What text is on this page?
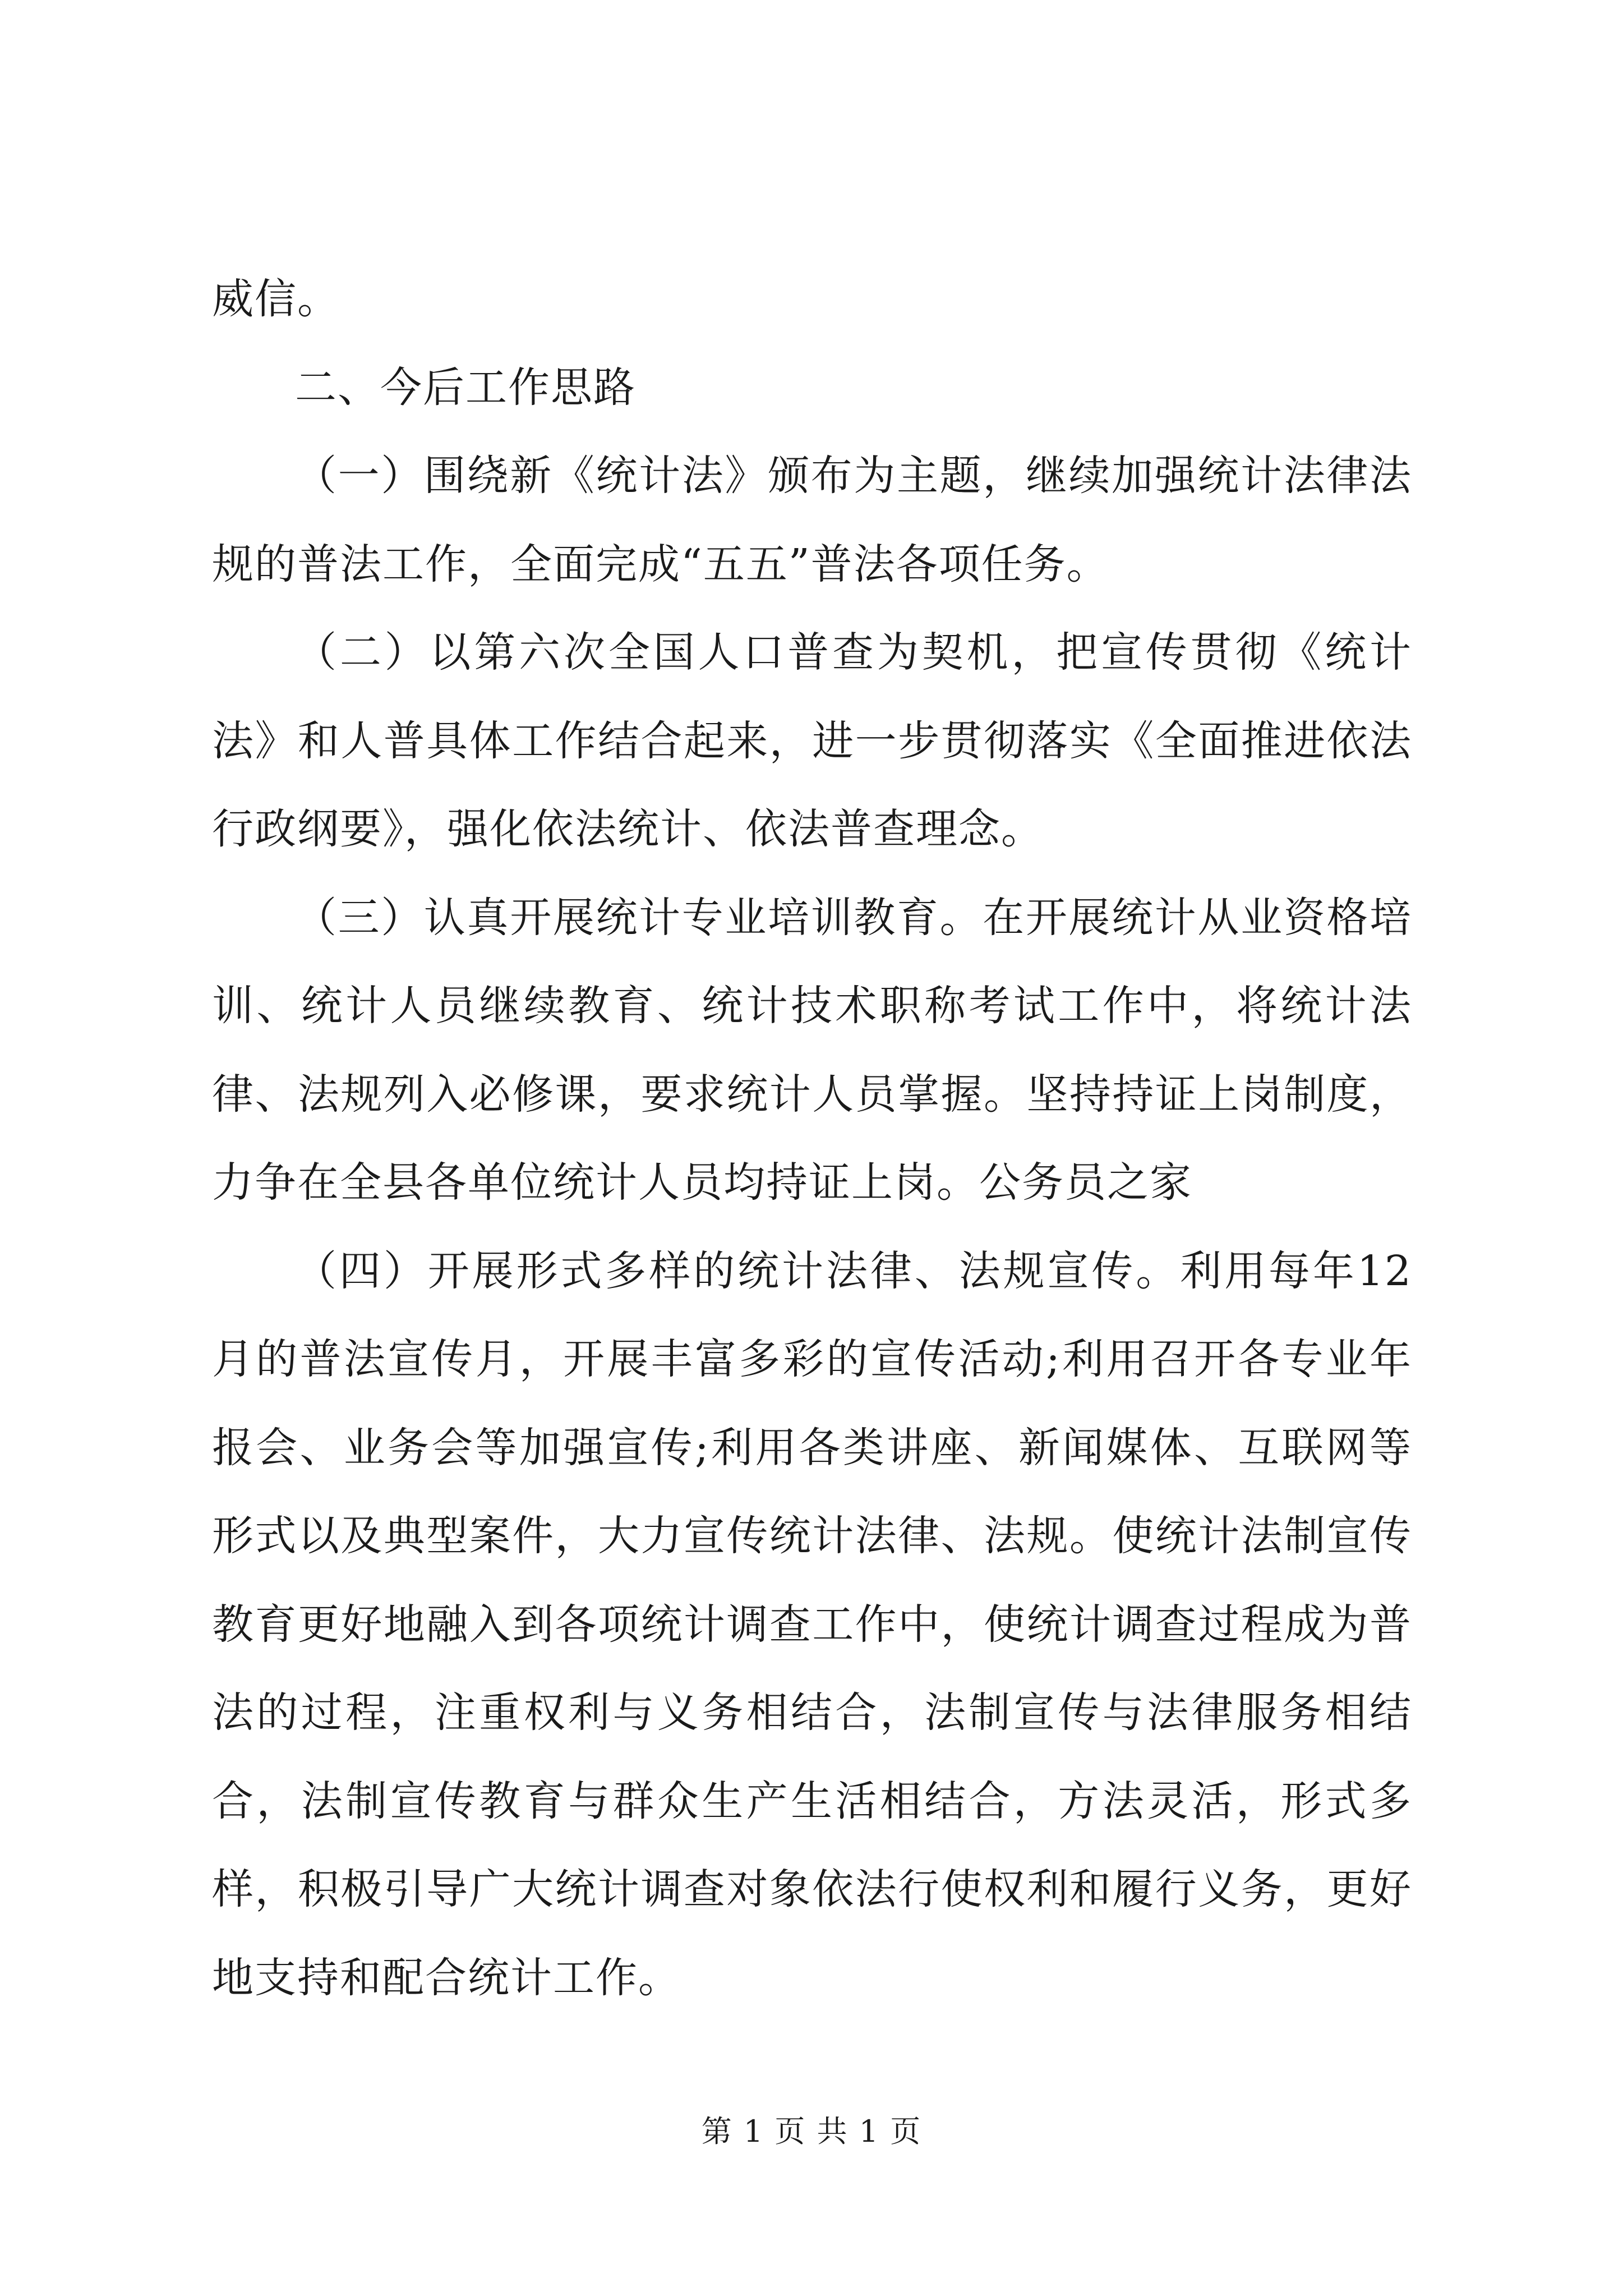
威信。

二、今后工作思路

（一）围绕新《统计法》颁布为主题，继续加强统计法律法规的普法工作，全面完成“五五”普法各项任务。

（二）以第六次全国人口普查为契机，把宣传贯彻《统计法》和人普具体工作结合起来，进一步贯彻落实《全面推进依法行政纲要》，强化依法统计、依法普查理念。

（三）认真开展统计专业培训教育。在开展统计从业资格培训、统计人员继续教育、统计技术职称考试工作中，将统计法律、法规列入必修课，要求统计人员掌握。坚持持证上岗制度，力争在全县各单位统计人员均持证上岗。公务员之家

（四）开展形式多样的统计法律、法规宣传。利用每年12月的普法宣传月，开展丰富多彩的宣传活动;利用召开各专业年报会、业务会等加强宣传;利用各类讲座、新闻媒体、互联网等形式以及典型案件，大力宣传统计法律、法规。使统计法制宣传教育更好地融入到各项统计调查工作中，使统计调查过程成为普法的过程，注重权利与义务相结合，法制宣传与法律服务相结合，法制宣传教育与群众生产生活相结合，方法灵活，形式多样，积极引导广大统计调查对象依法行使权利和履行义务，更好地支持和配合统计工作。

第 1 页 共 1 页
